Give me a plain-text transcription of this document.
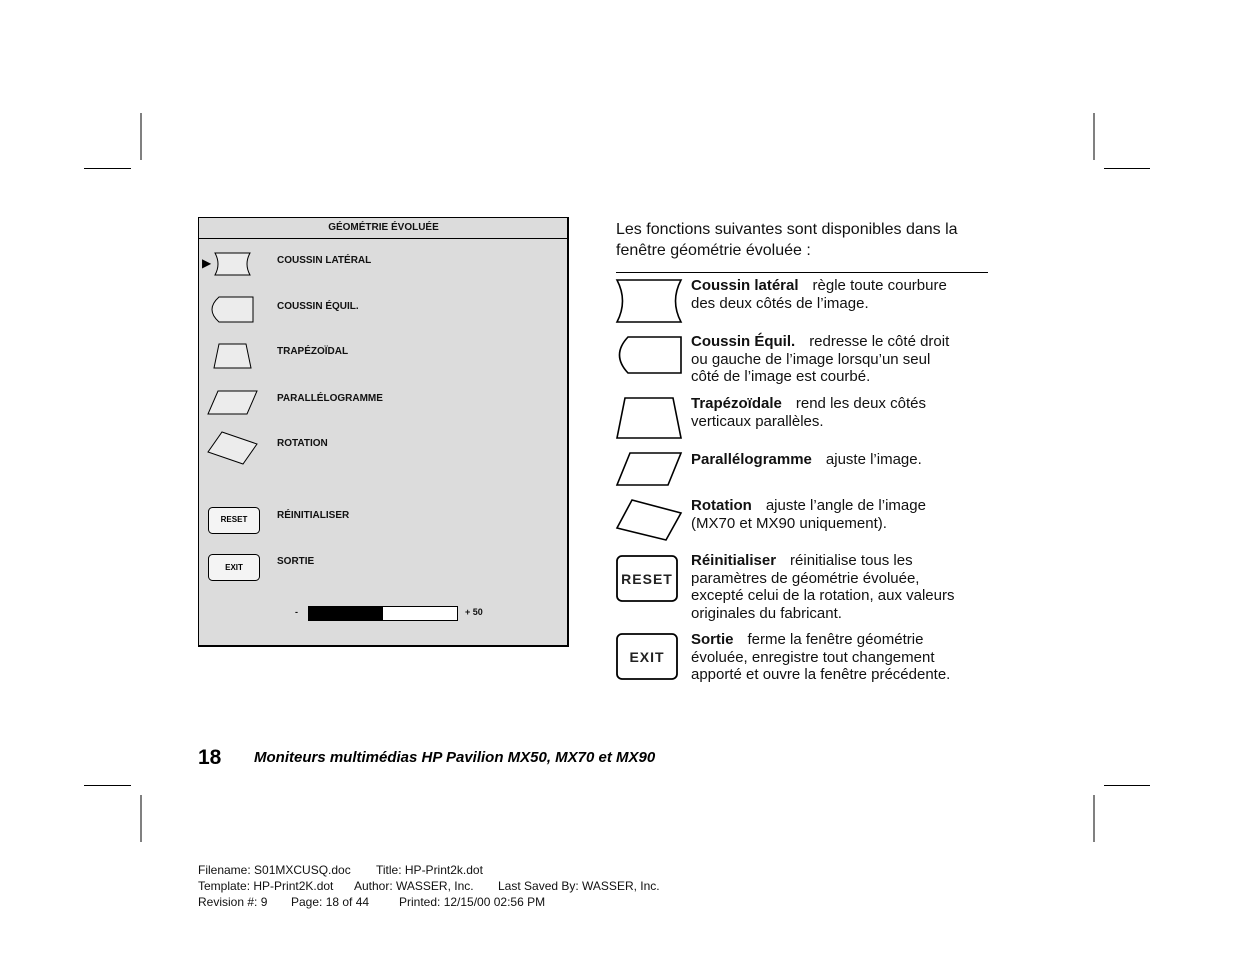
RESET
EXIT
RESET
EXIT
GÉOMÉTRIE ÉVOLUÉE
▶	COUSSIN LATÉRAL
COUSSIN ÉQUIL.
TRAPÉZOÏDAL
PARALLÉLOGRAMME
ROTATION
RÉINITIALISER
SORTIE
-	+ 50
Les fonctions suivantes sont disponibles dans la
fenêtre géométrie évoluée :
Coussin latéral règle toute courbure
des deux côtés de l’image.
Coussin Équil. redresse le côté droit
ou gauche de l’image lorsqu’un seul
côté de l’image est courbé.
Trapézoïdale rend les deux côtés
verticaux parallèles.
Parallélogramme ajuste l’image.
Rotation ajuste l’angle de l’image
(MX70 et MX90 uniquement).
Réinitialiser réinitialise tous les
paramètres de géométrie évoluée,
excepté celui de la rotation, aux valeurs
originales du fabricant.
Sortie ferme la fenêtre géométrie
évoluée, enregistre tout changement
apporté et ouvre la fenêtre précédente.
18 Moniteurs multimédias HP Pavilion MX50, MX70 et MX90
Filename: S01MXCUSQ.doc Title: HP-Print2k.dot
Template: HP-Print2K.dot Author: WASSER, Inc. Last Saved By: WASSER, Inc.
Revision #: 9 Page: 18 of 44 Printed: 12/15/00 02:56 PM
